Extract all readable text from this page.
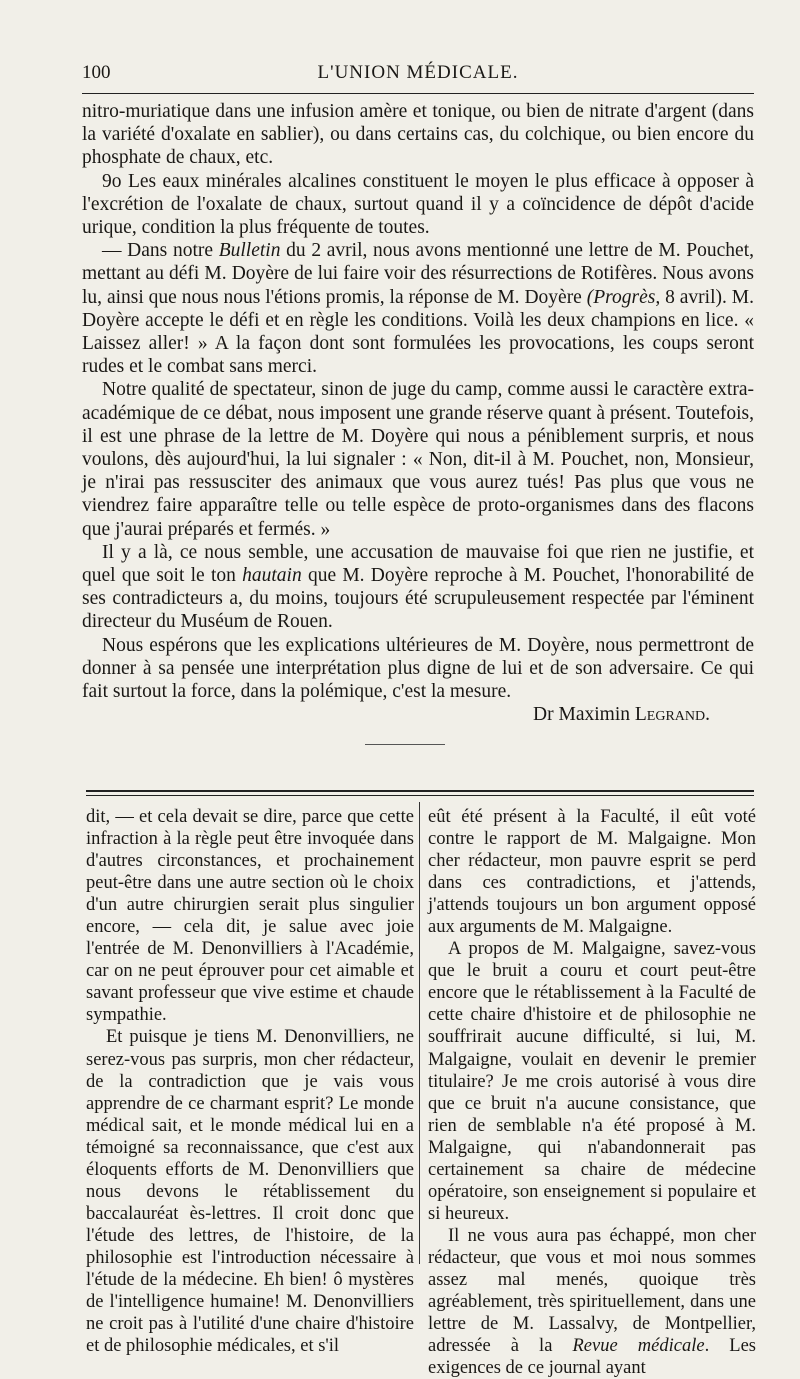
100	L'UNION MÉDICALE.

nitro-muriatique dans une infusion amère et tonique, ou bien de nitrate d'argent (dans la variété d'oxalate en sablier), ou dans certains cas, du colchique, ou bien encore du phosphate de chaux, etc.

9o Les eaux minérales alcalines constituent le moyen le plus efficace à opposer à l'excrétion de l'oxalate de chaux, surtout quand il y a coïncidence de dépôt d'acide urique, condition la plus fréquente de toutes.

— Dans notre Bulletin du 2 avril, nous avons mentionné une lettre de M. Pouchet, mettant au défi M. Doyère de lui faire voir des résurrections de Rotifères. Nous avons lu, ainsi que nous nous l'étions promis, la réponse de M. Doyère (Progrès, 8 avril). M. Doyère accepte le défi et en règle les conditions. Voilà les deux champions en lice. « Laissez aller! » A la façon dont sont formulées les provocations, les coups seront rudes et le combat sans merci.

Notre qualité de spectateur, sinon de juge du camp, comme aussi le caractère extra-académique de ce débat, nous imposent une grande réserve quant à présent. Toutefois, il est une phrase de la lettre de M. Doyère qui nous a péniblement surpris, et nous voulons, dès aujourd'hui, la lui signaler : « Non, dit-il à M. Pouchet, non, Monsieur, je n'irai pas ressusciter des animaux que vous aurez tués! Pas plus que vous ne viendrez faire apparaître telle ou telle espèce de proto-organismes dans des flacons que j'aurai préparés et fermés. »

Il y a là, ce nous semble, une accusation de mauvaise foi que rien ne justifie, et quel que soit le ton hautain que M. Doyère reproche à M. Pouchet, l'honorabilité de ses contradicteurs a, du moins, toujours été scrupuleusement respectée par l'éminent directeur du Muséum de Rouen.

Nous espérons que les explications ultérieures de M. Doyère, nous permettront de donner à sa pensée une interprétation plus digne de lui et de son adversaire. Ce qui fait surtout la force, dans la polémique, c'est la mesure.

Dr Maximin Legrand.

dit, — et cela devait se dire, parce que cette infraction à la règle peut être invoquée dans d'autres circonstances, et prochainement peut-être dans une autre section où le choix d'un autre chirurgien serait plus singulier encore, — cela dit, je salue avec joie l'entrée de M. Denonvilliers à l'Académie, car on ne peut éprouver pour cet aimable et savant professeur que vive estime et chaude sympathie.

Et puisque je tiens M. Denonvilliers, ne serez-vous pas surpris, mon cher rédacteur, de la contradiction que je vais vous apprendre de ce charmant esprit? Le monde médical sait, et le monde médical lui en a témoigné sa reconnaissance, que c'est aux éloquents efforts de M. Denonvilliers que nous devons le rétablissement du baccalauréat ès-lettres. Il croit donc que l'étude des lettres, de l'histoire, de la philosophie est l'introduction nécessaire à l'étude de la médecine. Eh bien! ô mystères de l'intelligence humaine! M. Denonvilliers ne croit pas à l'utilité d'une chaire d'histoire et de philosophie médicales, et s'il

eût été présent à la Faculté, il eût voté contre le rapport de M. Malgaigne. Mon cher rédacteur, mon pauvre esprit se perd dans ces contradictions, et j'attends, j'attends toujours un bon argument opposé aux arguments de M. Malgaigne.

A propos de M. Malgaigne, savez-vous que le bruit a couru et court peut-être encore que le rétablissement à la Faculté de cette chaire d'histoire et de philosophie ne souffrirait aucune difficulté, si lui, M. Malgaigne, voulait en devenir le premier titulaire? Je me crois autorisé à vous dire que ce bruit n'a aucune consistance, que rien de semblable n'a été proposé à M. Malgaigne, qui n'abandonnerait pas certainement sa chaire de médecine opératoire, son enseignement si populaire et si heureux.

Il ne vous aura pas échappé, mon cher rédacteur, que vous et moi nous sommes assez mal menés, quoique très agréablement, très spirituellement, dans une lettre de M. Lassalvy, de Montpellier, adressée à la Revue médicale. Les exigences de ce journal ayant
